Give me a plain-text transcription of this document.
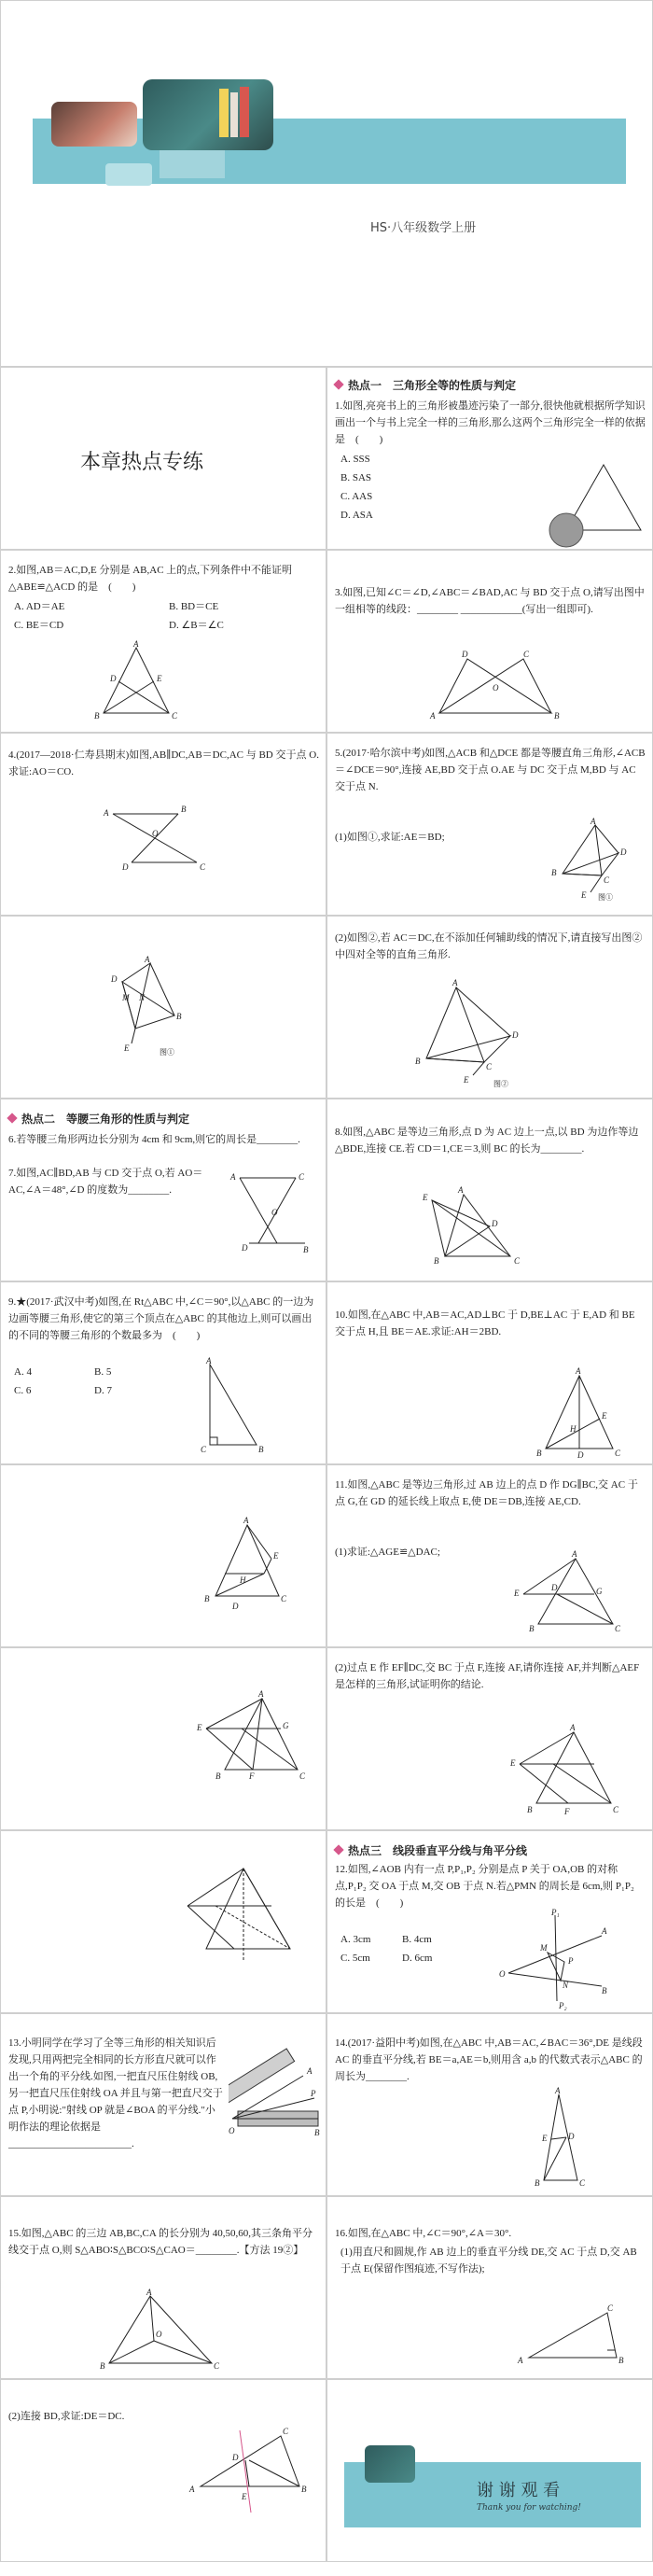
HS·八年级数学上册
本章热点专练
热点一　三角形全等的性质与判定
1.如图,亮亮书上的三角形被墨迹污染了一部分,很快他就根据所学知识画出一个与书上完全一样的三角形,那么这两个三角形完全一样的依据是　(　　)
A. SSS
B. SAS
C. AAS
D. ASA
2.如图,AB＝AC,D,E 分别是 AB,AC 上的点,下列条件中不能证明△ABE≌△ACD 的是　(　　)
A. AD＝AE	B. BD＝CE
C. BE＝CD	D. ∠B＝∠C
A
B	C
D	E
3.如图,已知∠C＝∠D,∠ABC＝∠BAD,AC 与 BD 交于点 O,请写出图中一组相等的线段：________ ____________(写出一组即可).
A	B
D	C
O
4.(2017—2018·仁寿县期末)如图,AB∥DC,AB＝DC,AC 与 BD 交于点 O.求证:AO＝CO.
A	B
D	C
O
5.(2017·哈尔滨中考)如图,△ACB 和△DCE 都是等腰直角三角形,∠ACB＝∠DCE＝90°,连接 AE,BD 交于点 O.AE 与 DC 交于点 M,BD 与 AC 交于点 N.
(1)如图①,求证:AE＝BD;
A
B
D
C
E 图①
A
D
B
N
M
E	图①
(2)如图②,若 AC＝DC,在不添加任何辅助线的情况下,请直接写出图②中四对全等的直角三角形.
A
B
D
C
E	图②
热点二　等腰三角形的性质与判定
6.若等腰三角形两边长分别为 4cm 和 9cm,则它的周长是________.
7.如图,AC∥BD,AB 与 CD 交于点 O,若 AO＝AC,∠A＝48°,∠D 的度数为________.
A	C
D	B
O
8.如图,△ABC 是等边三角形,点 D 为 AC 边上一点,以 BD 为边作等边△BDE,连接 CE.若 CD＝1,CE＝3,则 BC 的长为________.
A
B	C
D
E
9.★(2017·武汉中考)如图,在 Rt△ABC 中,∠C＝90°,以△ABC 的一边为边画等腰三角形,使它的第三个顶点在△ABC 的其他边上,则可以画出的不同的等腰三角形的个数最多为　(　　)
A. 4	B. 5
C. 6	D. 7
A
C	B
10.如图,在△ABC 中,AB＝AC,AD⊥BC 于 D,BE⊥AC 于 E,AD 和 BE 交于点 H,且 BE＝AE.求证:AH＝2BD.
A
B	C
D
E
H
A
B	C
D
E
H
11.如图,△ABC 是等边三角形,过 AB 边上的点 D 作 DG∥BC,交 AC 于点 G,在 GD 的延长线上取点 E,使 DE＝DB,连接 AE,CD.
(1)求证:△AGE≌△DAC;	A
B	C
E
D	G
A
B	C
E
F
G
(2)过点 E 作 EF∥DC,交 BC 于点 F,连接 AF,请你连接 AF,并判断△AEF 是怎样的三角形,试证明你的结论.
A
B	C
E
F
热点三　线段垂直平分线与角平分线
12.如图,∠AOB 内有一点 P,P₁,P₂ 分别是点 P 关于 OA,OB 的对称点,P₁P₂ 交 OA 于点 M,交 OB 于点 N.若△PMN 的周长是 6cm,则 P₁P₂ 的长是　(　　)
A. 3cm	B. 4cm
C. 5cm	D. 6cm
O
A
B
P
P₁
P₂
M
N
13.小明同学在学习了全等三角形的相关知识后发现,只用两把完全相同的长方形直尺就可以作出一个角的平分线.如图,一把直尺压住射线 OB,另一把直尺压住射线 OA 并且与第一把直尺交于点 P,小明说:"射线 OP 就是∠BOA 的平分线."小明作法的理论依据是________________________.
O
A
B
P
14.(2017·益阳中考)如图,在△ABC 中,AB＝AC,∠BAC＝36°,DE 是线段 AC 的垂直平分线,若 BE＝a,AE＝b,则用含 a,b 的代数式表示△ABC 的周长为________.
A
B	C
E	D
15.如图,△ABC 的三边 AB,BC,CA 的长分别为 40,50,60,其三条角平分线交于点 O,则 S△ABO∶S△BCO∶S△CAO＝________.【方法 19②】
A
B	C
O
16.如图,在△ABC 中,∠C＝90°,∠A＝30°.
(1)用直尺和圆规,作 AB 边上的垂直平分线 DE,交 AC 于点 D,交 AB 于点 E(保留作图痕迹,不写作法);
A	B
C
(2)连接 BD,求证:DE＝DC.
A	B
C
D
E	谢 谢 观 看
Thank you for watching!
